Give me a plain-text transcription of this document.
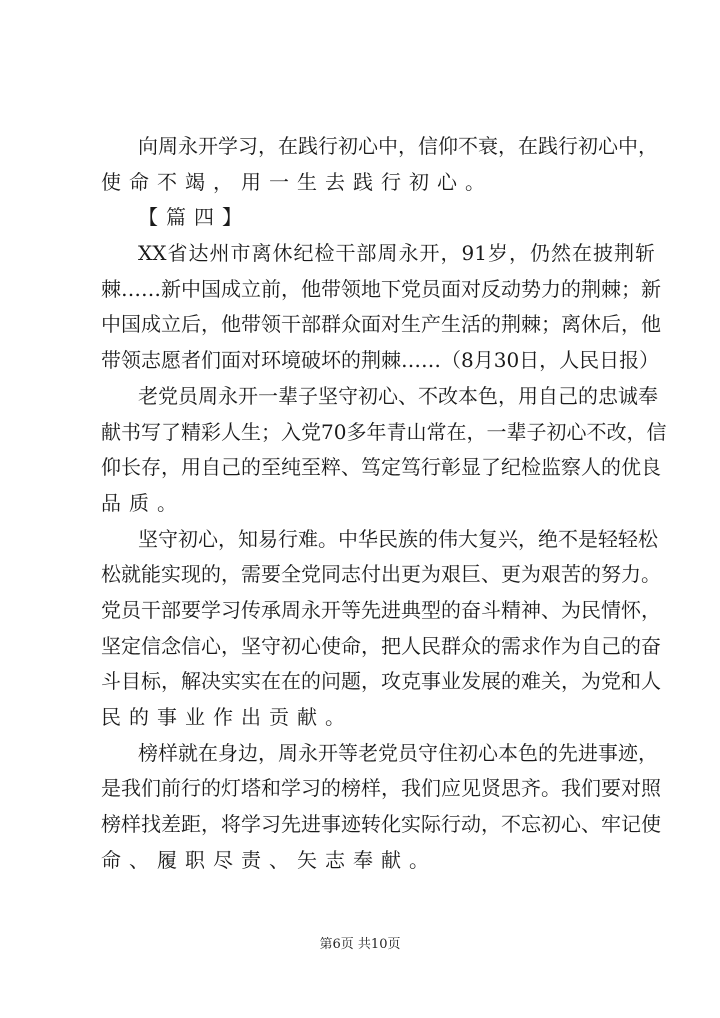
向周永开学习，在践行初心中，信仰不衰，在践行初心中，
使命不竭，用一生去践行初心。
【篇四】
XX省达州市离休纪检干部周永开，91岁，仍然在披荆斩
棘……新中国成立前，他带领地下党员面对反动势力的荆棘；新
中国成立后，他带领干部群众面对生产生活的荆棘；离休后，他
带领志愿者们面对环境破坏的荆棘……（8月30日，人民日报）
老党员周永开一辈子坚守初心、不改本色，用自己的忠诚奉
献书写了精彩人生；入党70多年青山常在，一辈子初心不改，信
仰长存，用自己的至纯至粹、笃定笃行彰显了纪检监察人的优良
品质。
坚守初心，知易行难。中华民族的伟大复兴，绝不是轻轻松
松就能实现的，需要全党同志付出更为艰巨、更为艰苦的努力。
党员干部要学习传承周永开等先进典型的奋斗精神、为民情怀，
坚定信念信心，坚守初心使命，把人民群众的需求作为自己的奋
斗目标，解决实实在在的问题，攻克事业发展的难关，为党和人
民的事业作出贡献。
榜样就在身边，周永开等老党员守住初心本色的先进事迹，
是我们前行的灯塔和学习的榜样，我们应见贤思齐。我们要对照
榜样找差距，将学习先进事迹转化实际行动，不忘初心、牢记使
命、履职尽责、矢志奉献。
第6页 共10页
